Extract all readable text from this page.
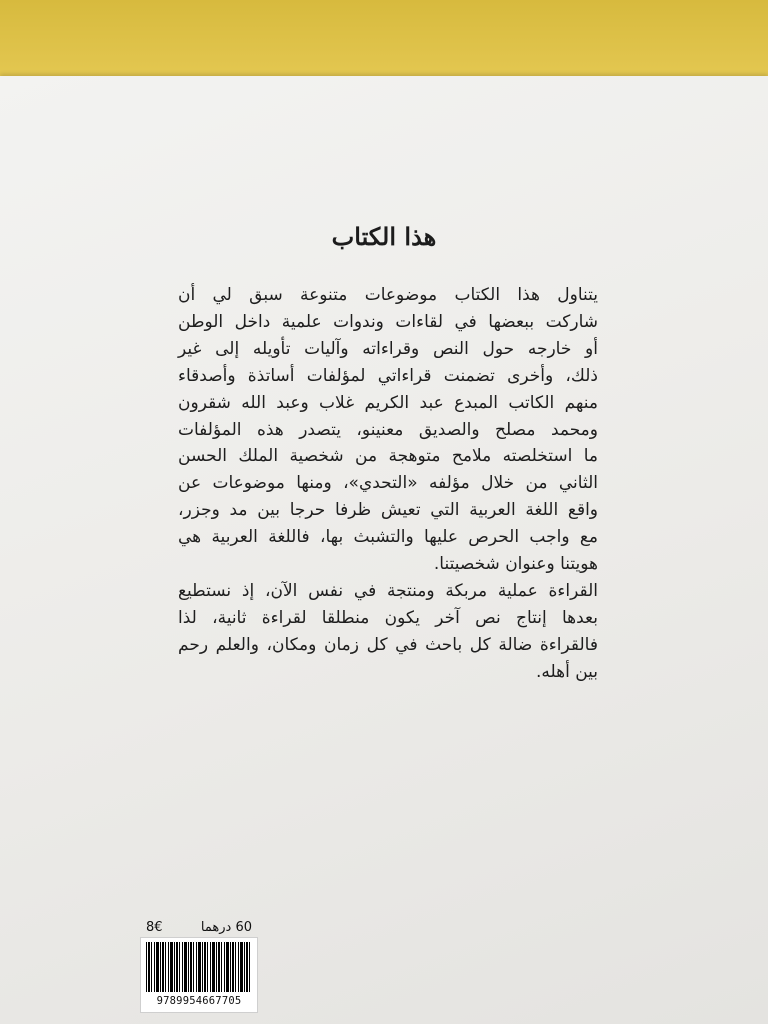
هذا الكتاب

يتناول هذا الكتاب موضوعات متنوعة سبق لي أن
شاركت ببعضها في لقاءات وندوات علمية داخل الوطن
أو خارجه حول النص وقراءاته وآليات تأويله إلى غير
ذلك، وأخرى تضمنت قراءاتي لمؤلفات أساتذة وأصدقاء
منهم الكاتب المبدع عبد الكريم غلاب وعبد الله شقرون
ومحمد مصلح والصديق معنينو، يتصدر هذه المؤلفات
ما استخلصته ملامح متوهجة من شخصية الملك الحسن
الثاني من خلال مؤلفه «التحدي»، ومنها موضوعات عن
واقع اللغة العربية التي تعيش ظرفا حرجا بين مد وجزر،
مع واجب الحرص عليها والتشبث بها، فاللغة العربية هي
هويتنا وعنوان شخصيتنا.

القراءة عملية مربكة ومنتجة في نفس الآن، إذ نستطيع
بعدها إنتاج نص آخر يكون منطلقا لقراءة ثانية، لذا
فالقراءة ضالة كل باحث في كل زمان ومكان، والعلم رحم
بين أهله.

8€	60 درهما
9789954667705
